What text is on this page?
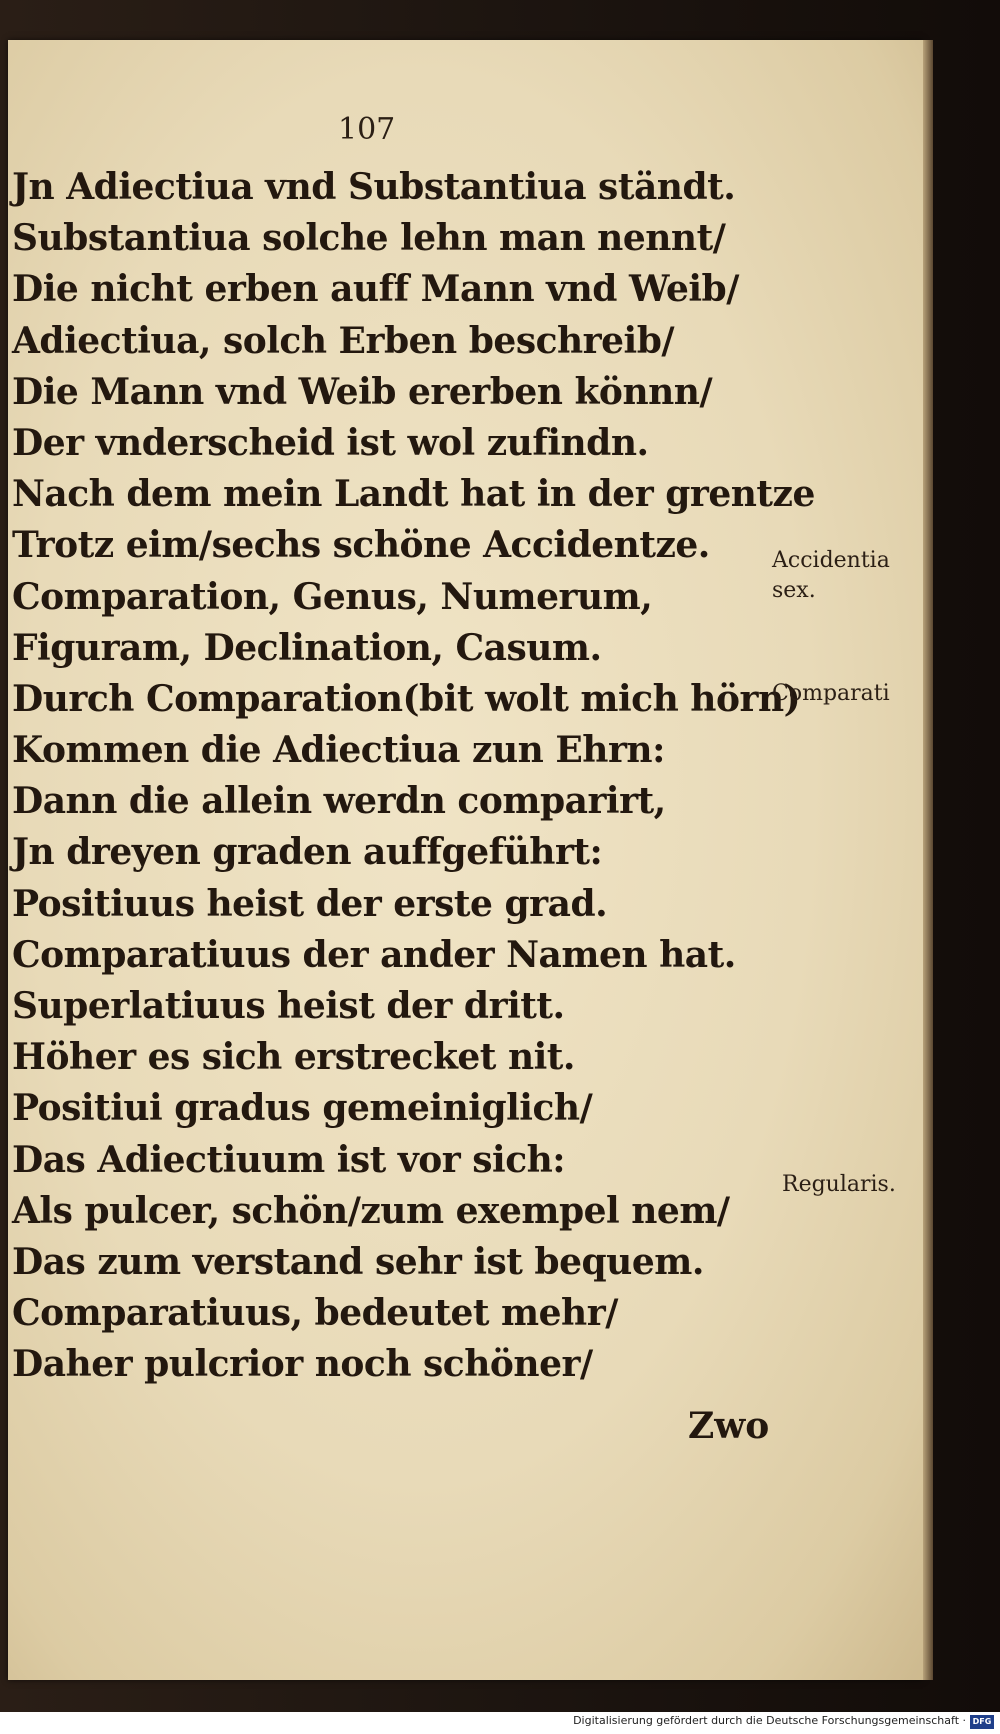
107
Jn Adiectiua vnd Substantiua ständt.
Substantiua solche lehn man nennt/
Die nicht erben auff Mann vnd Weib/
Adiectiua, solch Erben beschreib/
Die Mann vnd Weib ererben könnn/
Der vnderscheid ist wol zufindn.
Nach dem mein Landt hat in der grentze
Trotz eim/sechs schöne Accidentze.
Comparation, Genus, Numerum,
Figuram, Declination, Casum.
Durch Comparation(bit wolt mich hörn)
Kommen die Adiectiua zun Ehrn:
Dann die allein werdn comparirt,
Jn dreyen graden auffgeführt:
Positiuus heist der erste grad.
Comparatiuus der ander Namen hat.
Superlatiuus heist der dritt.
Höher es sich erstrecket nit.
Positiui gradus gemeiniglich/
Das Adiectiuum ist vor sich:
Als pulcer, schön/zum exempel nem/
Das zum verstand sehr ist bequem.
Comparatiuus, bedeutet mehr/
Daher pulcrior noch schöner/
Zwo
Accidentia
sex.
Comparati
Regularis.
Digitalisierung gefördert durch die Deutsche Forschungsgemeinschaft · DFG
